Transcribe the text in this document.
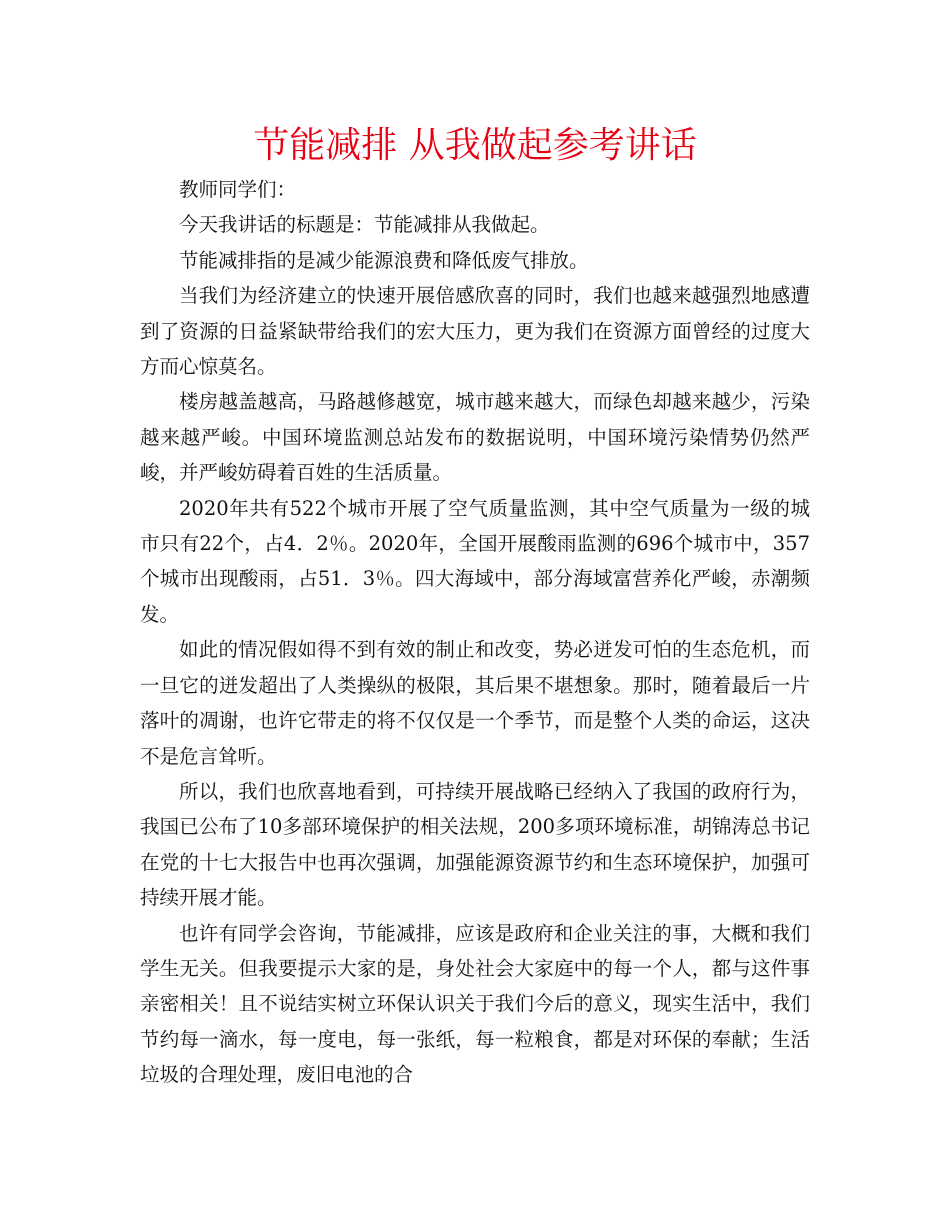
节能减排 从我做起参考讲话

教师同学们：

今天我讲话的标题是：节能减排从我做起。

节能减排指的是减少能源浪费和降低废气排放。

当我们为经济建立的快速开展倍感欣喜的同时，我们也越来越强烈地感遭到了资源的日益紧缺带给我们的宏大压力，更为我们在资源方面曾经的过度大方而心惊莫名。

楼房越盖越高，马路越修越宽，城市越来越大，而绿色却越来越少，污染越来越严峻。中国环境监测总站发布的数据说明，中国环境污染情势仍然严峻，并严峻妨碍着百姓的生活质量。

2020年共有522个城市开展了空气质量监测，其中空气质量为一级的城市只有22个，占4．2％。2020年，全国开展酸雨监测的696个城市中，357个城市出现酸雨，占51．3％。四大海域中，部分海域富营养化严峻，赤潮频发。

如此的情况假如得不到有效的制止和改变，势必迸发可怕的生态危机，而一旦它的迸发超出了人类操纵的极限，其后果不堪想象。那时，随着最后一片落叶的凋谢，也许它带走的将不仅仅是一个季节，而是整个人类的命运，这决不是危言耸听。

所以，我们也欣喜地看到，可持续开展战略已经纳入了我国的政府行为，我国已公布了10多部环境保护的相关法规，200多项环境标准，胡锦涛总书记在党的十七大报告中也再次强调，加强能源资源节约和生态环境保护，加强可持续开展才能。

也许有同学会咨询，节能减排，应该是政府和企业关注的事，大概和我们学生无关。但我要提示大家的是，身处社会大家庭中的每一个人，都与这件事亲密相关！且不说结实树立环保认识关于我们今后的意义，现实生活中，我们节约每一滴水，每一度电，每一张纸，每一粒粮食，都是对环保的奉献；生活垃圾的合理处理，废旧电池的合
